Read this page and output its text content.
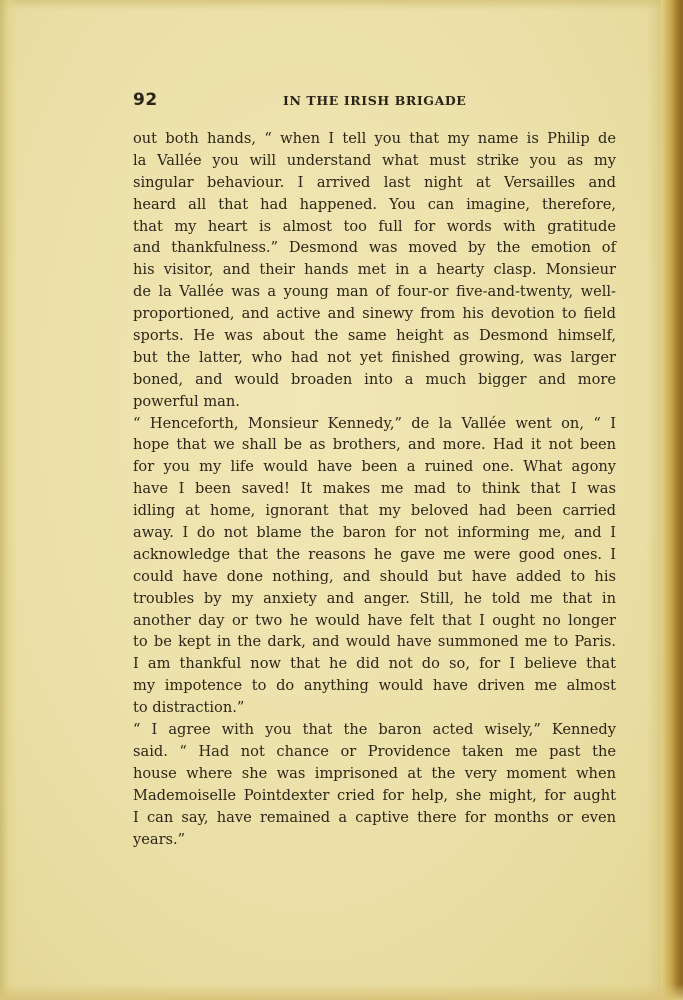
92	IN THE IRISH BRIGADE
out both hands, “ when I tell you that my name is Philip de
la Vallée you will understand what must strike you as my
singular behaviour. I arrived last night at Versailles and
heard all that had happened. You can imagine, therefore,
that my heart is almost too full for words with gratitude
and thankfulness.” Desmond was moved by the emotion of
his visitor, and their hands met in a hearty clasp. Monsieur
de la Vallée was a young man of four-or five-and-twenty, well-
proportioned, and active and sinewy from his devotion to field
sports. He was about the same height as Desmond himself,
but the latter, who had not yet finished growing, was larger
boned, and would broaden into a much bigger and more
powerful man.
“ Henceforth, Monsieur Kennedy,” de la Vallée went on, “ I
hope that we shall be as brothers, and more. Had it not been
for you my life would have been a ruined one. What agony
have I been saved! It makes me mad to think that I was
idling at home, ignorant that my beloved had been carried
away. I do not blame the baron for not informing me, and I
acknowledge that the reasons he gave me were good ones. I
could have done nothing, and should but have added to his
troubles by my anxiety and anger. Still, he told me that in
another day or two he would have felt that I ought no longer
to be kept in the dark, and would have summoned me to Paris.
I am thankful now that he did not do so, for I believe that
my impotence to do anything would have driven me almost
to distraction.”
“ I agree with you that the baron acted wisely,” Kennedy
said. “ Had not chance or Providence taken me past the
house where she was imprisoned at the very moment when
Mademoiselle Pointdexter cried for help, she might, for aught
I can say, have remained a captive there for months or even
years.”
